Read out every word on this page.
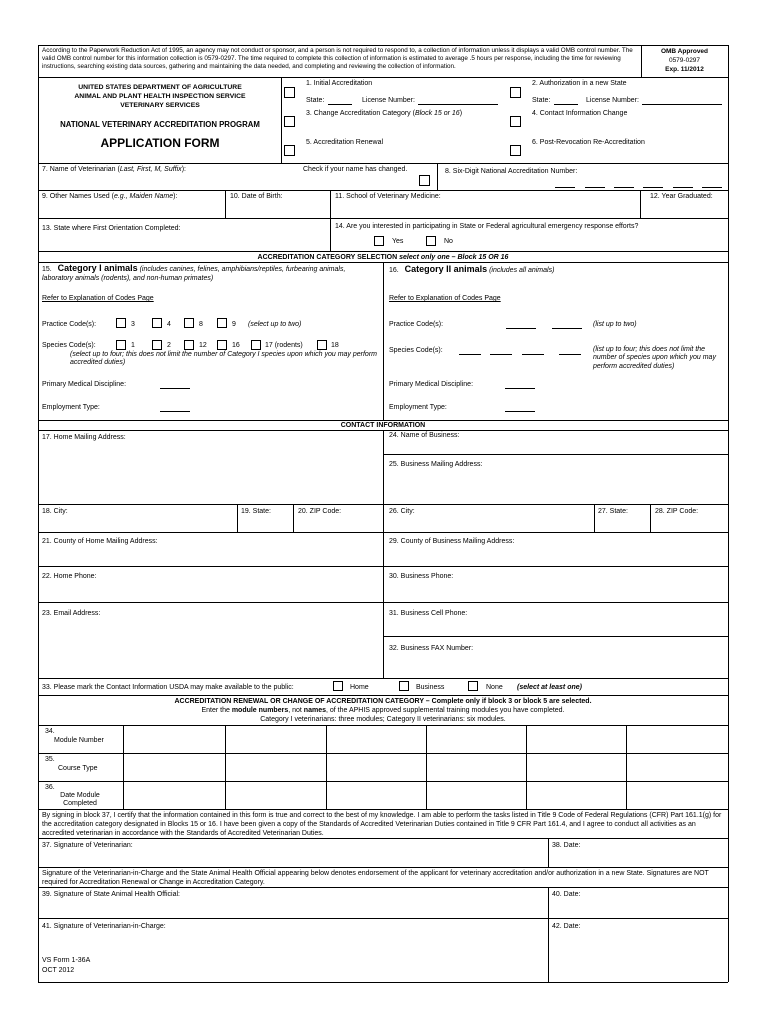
According to the Paperwork Reduction Act of 1995, an agency may not conduct or sponsor, and a person is not required to respond to, a collection of information unless it displays a valid OMB control number. The valid OMB control number for this information collection is 0579-0297. The time required to complete this collection of information is estimated to average .5 hours per response, including the time for reviewing instructions, searching existing data sources, gathering and maintaining the data needed, and completing and reviewing the collection of information.
OMB Approved
0579-0297
Exp. 11/2012
UNITED STATES DEPARTMENT OF AGRICULTURE
ANIMAL AND PLANT HEALTH INSPECTION SERVICE
VETERINARY SERVICES
NATIONAL VETERINARY ACCREDITATION PROGRAM
APPLICATION FORM
1. Initial Accreditation
State:	License Number:
2. Authorization in a new State
State:	License Number:
3. Change Accreditation Category (Block 15 or 16)	4. Contact Information Change
5. Accreditation Renewal	6. Post-Revocation Re-Accreditation
7. Name of Veterinarian (Last, First, M, Suffix):	Check if your name has changed.	8. Six-Digit National Accreditation Number:
9. Other Names Used (e.g., Maiden Name):	10. Date of Birth:	11. School of Veterinary Medicine:	12. Year Graduated:
13. State where First Orientation Completed:	14. Are you interested in participating in State or Federal agricultural emergency response efforts?
Yes	No
ACCREDITATION CATEGORY SELECTION select only one – Block 15 OR 16
15. Category I animals (includes canines, felines, amphibians/reptiles, furbearing animals, laboratory animals (rodents), and non-human primates)
Refer to Explanation of Codes Page
Practice Code(s):	3	4	8	9 (select up to two)
Species Code(s):	1	2	12	16	17 (rodents)	18
(select up to four; this does not limit the number of Category I species upon which you may perform accredited duties)
Primary Medical Discipline:
Employment Type:
16. Category II animals (includes all animals)
Refer to Explanation of Codes Page
Practice Code(s):	(list up to two)
Species Code(s):	(list up to four; this does not limit the number of species upon which you may perform accredited duties)
Primary Medical Discipline:
Employment Type:
CONTACT INFORMATION
17. Home Mailing Address:	24. Name of Business:
25. Business Mailing Address:
18. City:	19. State:	20. ZIP Code:	26. City:	27. State:	28. ZIP Code:
21. County of Home Mailing Address:	29. County of Business Mailing Address:
22. Home Phone:	30. Business Phone:
23. Email Address:	31. Business Cell Phone:
32. Business FAX Number:
33. Please mark the Contact Information USDA may make available to the public:	Home	Business	None (select at least one)
ACCREDITATION RENEWAL OR CHANGE OF ACCREDITATION CATEGORY – Complete only if block 3 or block 5 are selected.
Enter the module numbers, not names, of the APHIS approved supplemental training modules you have completed.
Category I veterinarians: three modules; Category II veterinarians: six modules.
34.
Module Number
35.
Course Type
36.
Date Module Completed
By signing in block 37, I certify that the information contained in this form is true and correct to the best of my knowledge. I am able to perform the tasks listed in Title 9 Code of Federal Regulations (CFR) Part 161.1(g) for the accreditation category designated in Blocks 15 or 16. I have been given a copy of the Standards of Accredited Veterinarian Duties contained in Title 9 CFR Part 161.4, and I agree to conduct all activities as an accredited veterinarian in accordance with the Standards of Accredited Veterinarian Duties.
37. Signature of Veterinarian:	38. Date:
Signature of the Veterinarian-in-Charge and the State Animal Health Official appearing below denotes endorsement of the applicant for veterinary accreditation and/or authorization in a new State. Signatures are NOT required for Accreditation Renewal or Change in Accreditation Category.
39. Signature of State Animal Health Official:	40. Date:
41. Signature of Veterinarian-in-Charge:	42. Date:
VS Form 1-36A
OCT 2012
